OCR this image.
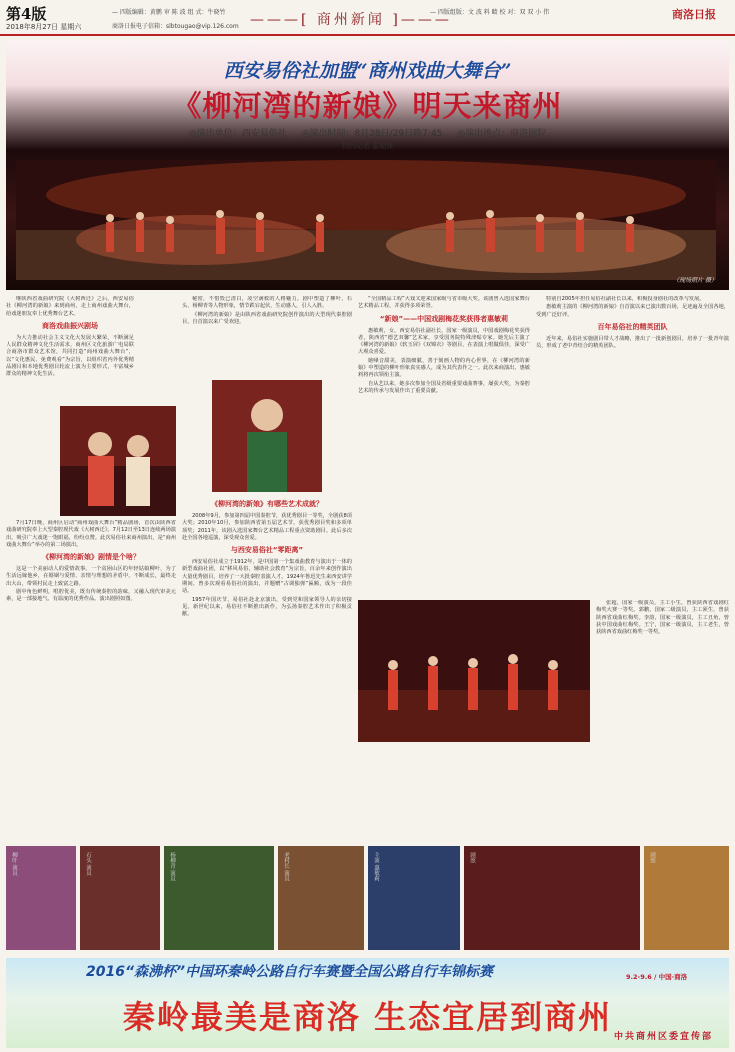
第4版
2018年8月27日 星期六
— 四版编辑：黄鹏 审 陈 波 组 式：牛晓竹
商洛日报电子信箱：slbtougao@vip.126.com ———[ 商州新闻 ]———
— 四版组版：文 波 料 赜 校 对：双 双 小 伟	商洛日报
西安易俗社加盟“商州戏曲大舞台”
《柳河湾的新娘》明天来商州
◎演出单位：西安易俗社 ◎演出时间：8月28日/29日晚7:45 ◎演出地点：商洛剧院
特约记者 雷超锋
（现场照片 摄）

继陕西省戏曲研究院《大树西迁》之后，西安易俗社《柳河湾的新娘》来到商州，走上商州戏曲大舞台，给戏迷朋友奉上优秀舞台艺术。

商洛戏曲振兴剧场

为大力推动社会主义文化大发展大繁荣，不断满足人民群众精神文化生活需求，商州区文化旅游广电局联合商洛市群众艺术馆，共同打造“商州戏曲大舞台”，以“文化惠民、免费观看”为宗旨，以组织省内外优秀精品剧目和本地优秀剧目轮流上演为主要形式，丰富城乡群众的精神文化生活。

7月17日晚，商州区启动“商州戏曲大舞台”精品剧场，首次由陕西省戏曲研究院奉上大型秦腔现代戏《大树西迁》。7月12日至13日连续两场演出，吸引广大戏迷一饱眼福，纷纷点赞。此次易俗社来商州演出，是“商州戏曲大舞台”举办的第二场演出。

《柳河湾的新娘》剧情是个啥？

这是一个美丽动人的爱情故事。一个贫困山区的年轻姑娘柳叶，为了生活远嫁他乡，在婚姻与爱情、亲情与理想的矛盾中，不断成长，最终走出大山，带领村民走上致富之路。

剧中角色鲜明，唱腔优美，既有传统秦腔的韵味，又融入现代审美元素，是一部接地气、有温度的优秀作品。演出剧照如图。

秘密，不惜毁已清白，凌空满救的人格魅力。剧中塑造了柳叶、石头、杨柳青等人物形象，情节跌宕起伏，生动感人，引人入胜。

《柳河湾的新娘》是由陕西省戏曲研究院创作演出的大型现代秦腔剧目，自首演以来广受欢迎。

《柳河湾的新娘》有哪些艺术成就？

2008年9月，参加第四届中国秦腔节，获优秀剧目一等奖，全剧获8项大奖；2010年10月，参加陕西省第五届艺术节，获优秀剧目奖和多项单项奖；2011年，该剧入选国家舞台艺术精品工程重点资助剧目。此后多次赴全国各地巡演，深受观众喜爱。

与西安易俗社“零距离”

西安易俗社成立于1912年，是中国第一个集戏曲教育与演出于一体的新型戏曲社团，以“移风易俗，辅助社会教育”为宗旨，百余年来创作演出大量优秀剧目，培养了一大批秦腔表演人才。1924年鲁迅先生来西安讲学期间，曾多次观看易俗社的演出，并题赠“古调独弹”匾额，成为一段佳话。

1957年国庆节，易俗社赴北京演出，受到党和国家领导人的亲切接见。新世纪以来，易俗社不断推出新作，为弘扬秦腔艺术作出了积极贡献。

“全国精品工程”大戏又迎来国家级与省市级大奖。该剧曾入选国家舞台艺术精品工程，并获得多项荣誉。

“新娘”——中国戏剧梅花奖获得者惠敏莉

惠敏莉，女，西安易俗社副社长，国家一级演员，中国戏剧梅花奖获得者，陕西省“德艺双馨”艺术家，享受国务院特殊津贴专家。她先后主演了《柳河湾的新娘》《软玉屏》《双锦衣》等剧目，在表演上唱做俱佳，深受广大观众喜爱。

她嗓音甜美，表演细腻，善于刻画人物的内心世界，在《柳河湾的新娘》中塑造的柳叶形象真实感人，成为其代表作之一。此次来商演出，惠敏莉将再次领衔主演。

自从艺以来，她多次参加全国及省级重要戏曲赛事，屡获大奖，为秦腔艺术的传承与发展作出了重要贡献。

特别自2005年担任易俗社副社长以来，积极投身剧社的改革与发展。

惠敏莉主演的《柳河湾的新娘》自首演以来已演出数百场，足迹遍及全国各地，受到广泛好评。

百年易俗社的精英团队

近年来，易俗社实施剧目带人才战略，推出了一批新创剧目，培养了一批青年演员，形成了老中青结合的精英团队。

张超，国家一级演员，主工小生，曾获陕西省戏剧红梅奖大赛一等奖。郭鹏，国家二级演员，主工须生，曾获陕西省戏曲红梅奖。李韵，国家一级演员，主工丑角，曾获中国戏曲红梅奖。王宁，国家一级演员，主工老生，曾获陕西省戏曲红梅奖一等奖。

柳叶 演员	石头 演员	杨柳青 演员	老村长 演员	主演 惠敏莉	剧照	剧照
2016“森沸杯”中国环秦岭公路自行车赛暨全国公路自行车锦标赛	9.2-9.6 / 中国·商洛
秦岭最美是商洛 生态宜居到商州
中共商州区委宣传部
